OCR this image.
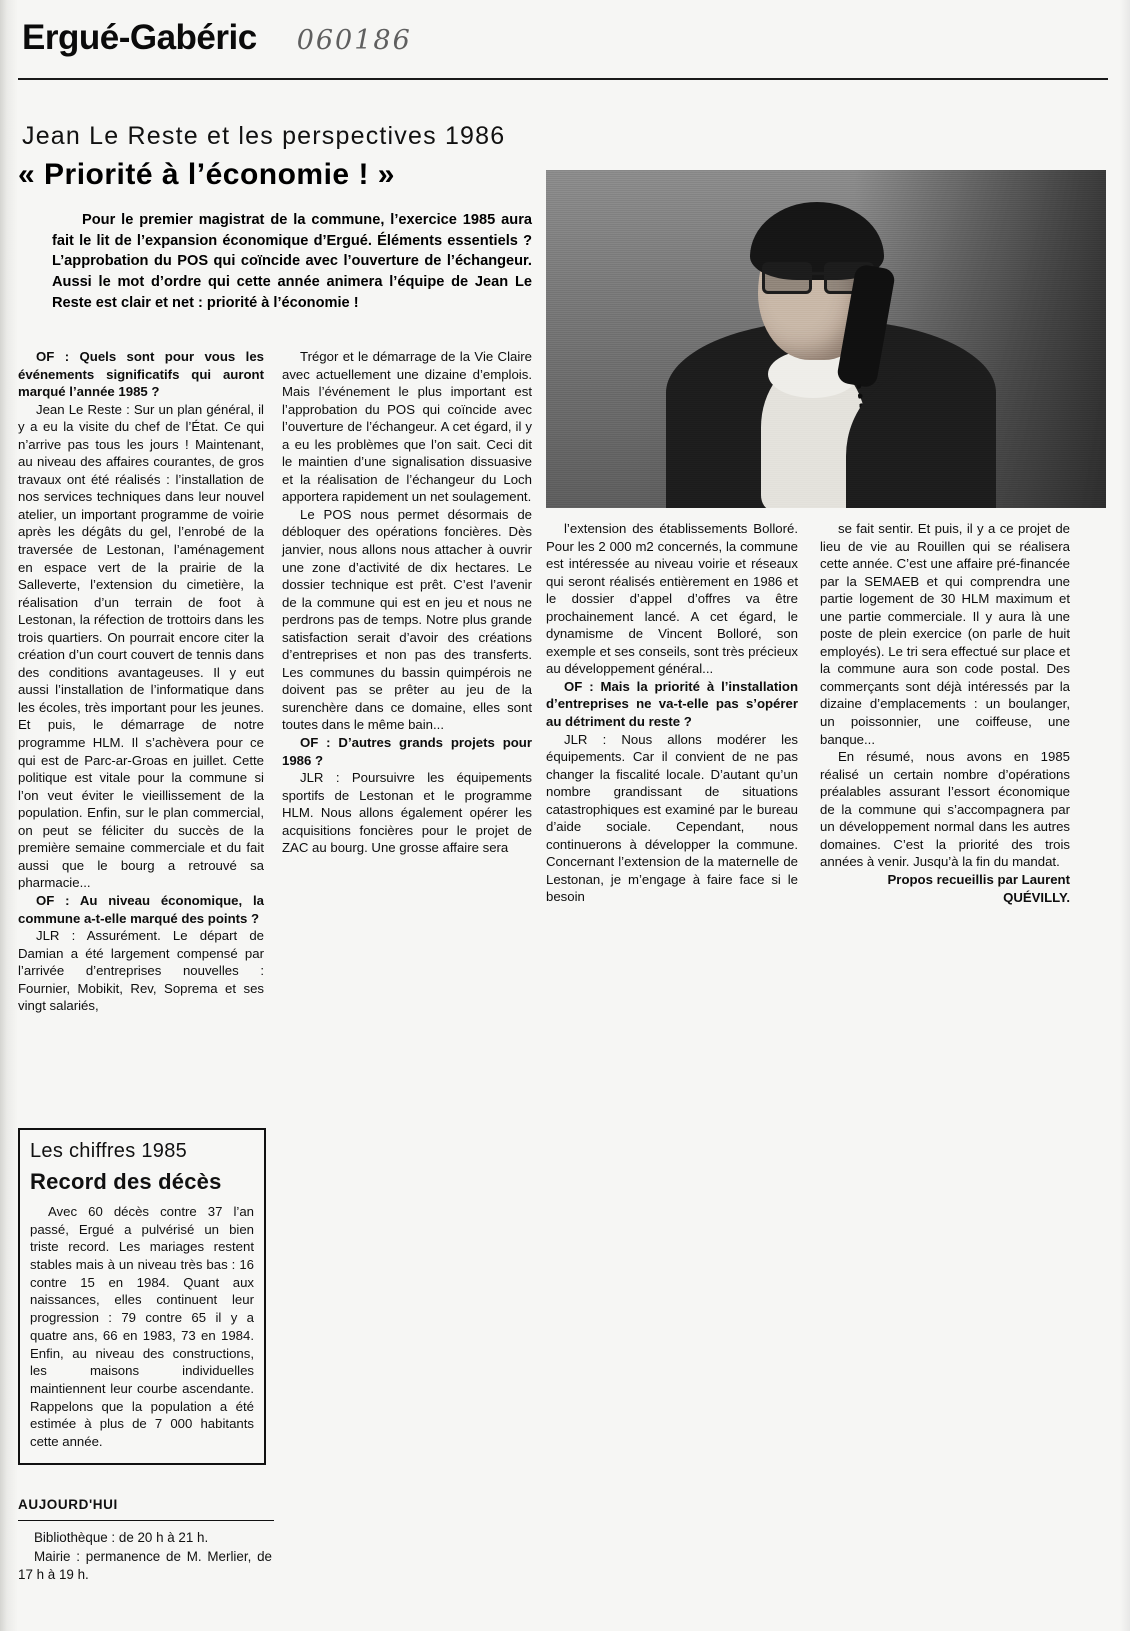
Ergué-Gabéric 060186
Jean Le Reste et les perspectives 1986
« Priorité à l’économie ! »
Pour le premier magistrat de la commune, l’exercice 1985 aura fait le lit de l’expansion économique d’Ergué. Éléments essentiels ? L’approbation du POS qui coïncide avec l’ouverture de l’échangeur. Aussi le mot d’ordre qui cette année animera l’équipe de Jean Le Reste est clair et net : priorité à l’économie !

OF : Quels sont pour vous les événements significatifs qui auront marqué l’année 1985 ?

Jean Le Reste : Sur un plan général, il y a eu la visite du chef de l’État. Ce qui n’arrive pas tous les jours ! Maintenant, au niveau des affaires courantes, de gros travaux ont été réalisés : l’installation de nos services techniques dans leur nouvel atelier, un important programme de voirie après les dégâts du gel, l’enrobé de la traversée de Lestonan, l’aménagement en espace vert de la prairie de la Salleverte, l’extension du cimetière, la réalisation d’un terrain de foot à Lestonan, la réfection de trottoirs dans les trois quartiers. On pourrait encore citer la création d’un court couvert de tennis dans des conditions avantageuses. Il y eut aussi l’installation de l’informatique dans les écoles, très important pour les jeunes. Et puis, le démarrage de notre programme HLM. Il s’achèvera pour ce qui est de Parc-ar-Groas en juillet. Cette politique est vitale pour la commune si l’on veut éviter le vieillissement de la population. Enfin, sur le plan commercial, on peut se féliciter du succès de la première semaine commerciale et du fait aussi que le bourg a retrouvé sa pharmacie...

OF : Au niveau économique, la commune a-t-elle marqué des points ?

JLR : Assurément. Le départ de Damian a été largement compensé par l’arrivée d’entreprises nouvelles : Fournier, Mobikit, Rev, Soprema et ses vingt salariés,

Trégor et le démarrage de la Vie Claire avec actuellement une dizaine d’emplois. Mais l’événement le plus important est l’approbation du POS qui coïncide avec l’ouverture de l’échangeur. A cet égard, il y a eu les problèmes que l’on sait. Ceci dit le maintien d’une signalisation dissuasive et la réalisation de l’échangeur du Loch apportera rapidement un net soulagement.

Le POS nous permet désormais de débloquer des opérations foncières. Dès janvier, nous allons nous attacher à ouvrir une zone d’activité de dix hectares. Le dossier technique est prêt. C’est l’avenir de la commune qui est en jeu et nous ne perdrons pas de temps. Notre plus grande satisfaction serait d’avoir des créations d’entreprises et non pas des transferts. Les communes du bassin quimpérois ne doivent pas se prêter au jeu de la surenchère dans ce domaine, elles sont toutes dans le même bain...

OF : D’autres grands projets pour 1986 ?

JLR : Poursuivre les équipements sportifs de Lestonan et le programme HLM. Nous allons également opérer les acquisitions foncières pour le projet de ZAC au bourg. Une grosse affaire sera

l’extension des établissements Bolloré. Pour les 2 000 m2 concernés, la commune est intéressée au niveau voirie et réseaux qui seront réalisés entièrement en 1986 et le dossier d’appel d’offres va être prochainement lancé. A cet égard, le dynamisme de Vincent Bolloré, son exemple et ses conseils, sont très précieux au développement général...

OF : Mais la priorité à l’installation d’entreprises ne va-t-elle pas s’opérer au détriment du reste ?

JLR : Nous allons modérer les équipements. Car il convient de ne pas changer la fiscalité locale. D’autant qu’un nombre grandissant de situations catastrophiques est examiné par le bureau d’aide sociale. Cependant, nous continuerons à développer la commune. Concernant l’extension de la maternelle de Lestonan, je m’engage à faire face si le besoin

se fait sentir. Et puis, il y a ce projet de lieu de vie au Rouillen qui se réalisera cette année. C’est une affaire pré-financée par la SEMAEB et qui comprendra une partie logement de 30 HLM maximum et une partie commerciale. Il y aura là une poste de plein exercice (on parle de huit employés). Le tri sera effectué sur place et la commune aura son code postal. Des commerçants sont déjà intéressés par la dizaine d’emplacements : un boulanger, un poissonnier, une coiffeuse, une banque...

En résumé, nous avons en 1985 réalisé un certain nombre d’opérations préalables assurant l’essort économique de la commune qui s’accompagnera par un développement normal dans les autres domaines. C’est la priorité des trois années à venir. Jusqu’à la fin du mandat.

Propos recueillis par Laurent QUÉVILLY.

Les chiffres 1985
Record des décès

Avec 60 décès contre 37 l’an passé, Ergué a pulvérisé un bien triste record. Les mariages restent stables mais à un niveau très bas : 16 contre 15 en 1984. Quant aux naissances, elles continuent leur progression : 79 contre 65 il y a quatre ans, 66 en 1983, 73 en 1984. Enfin, au niveau des constructions, les maisons individuelles maintiennent leur courbe ascendante. Rappelons que la population a été estimée à plus de 7 000 habitants cette année.

AUJOURD'HUI
Bibliothèque : de 20 h à 21 h.
Mairie : permanence de M. Merlier, de 17 h à 19 h.
